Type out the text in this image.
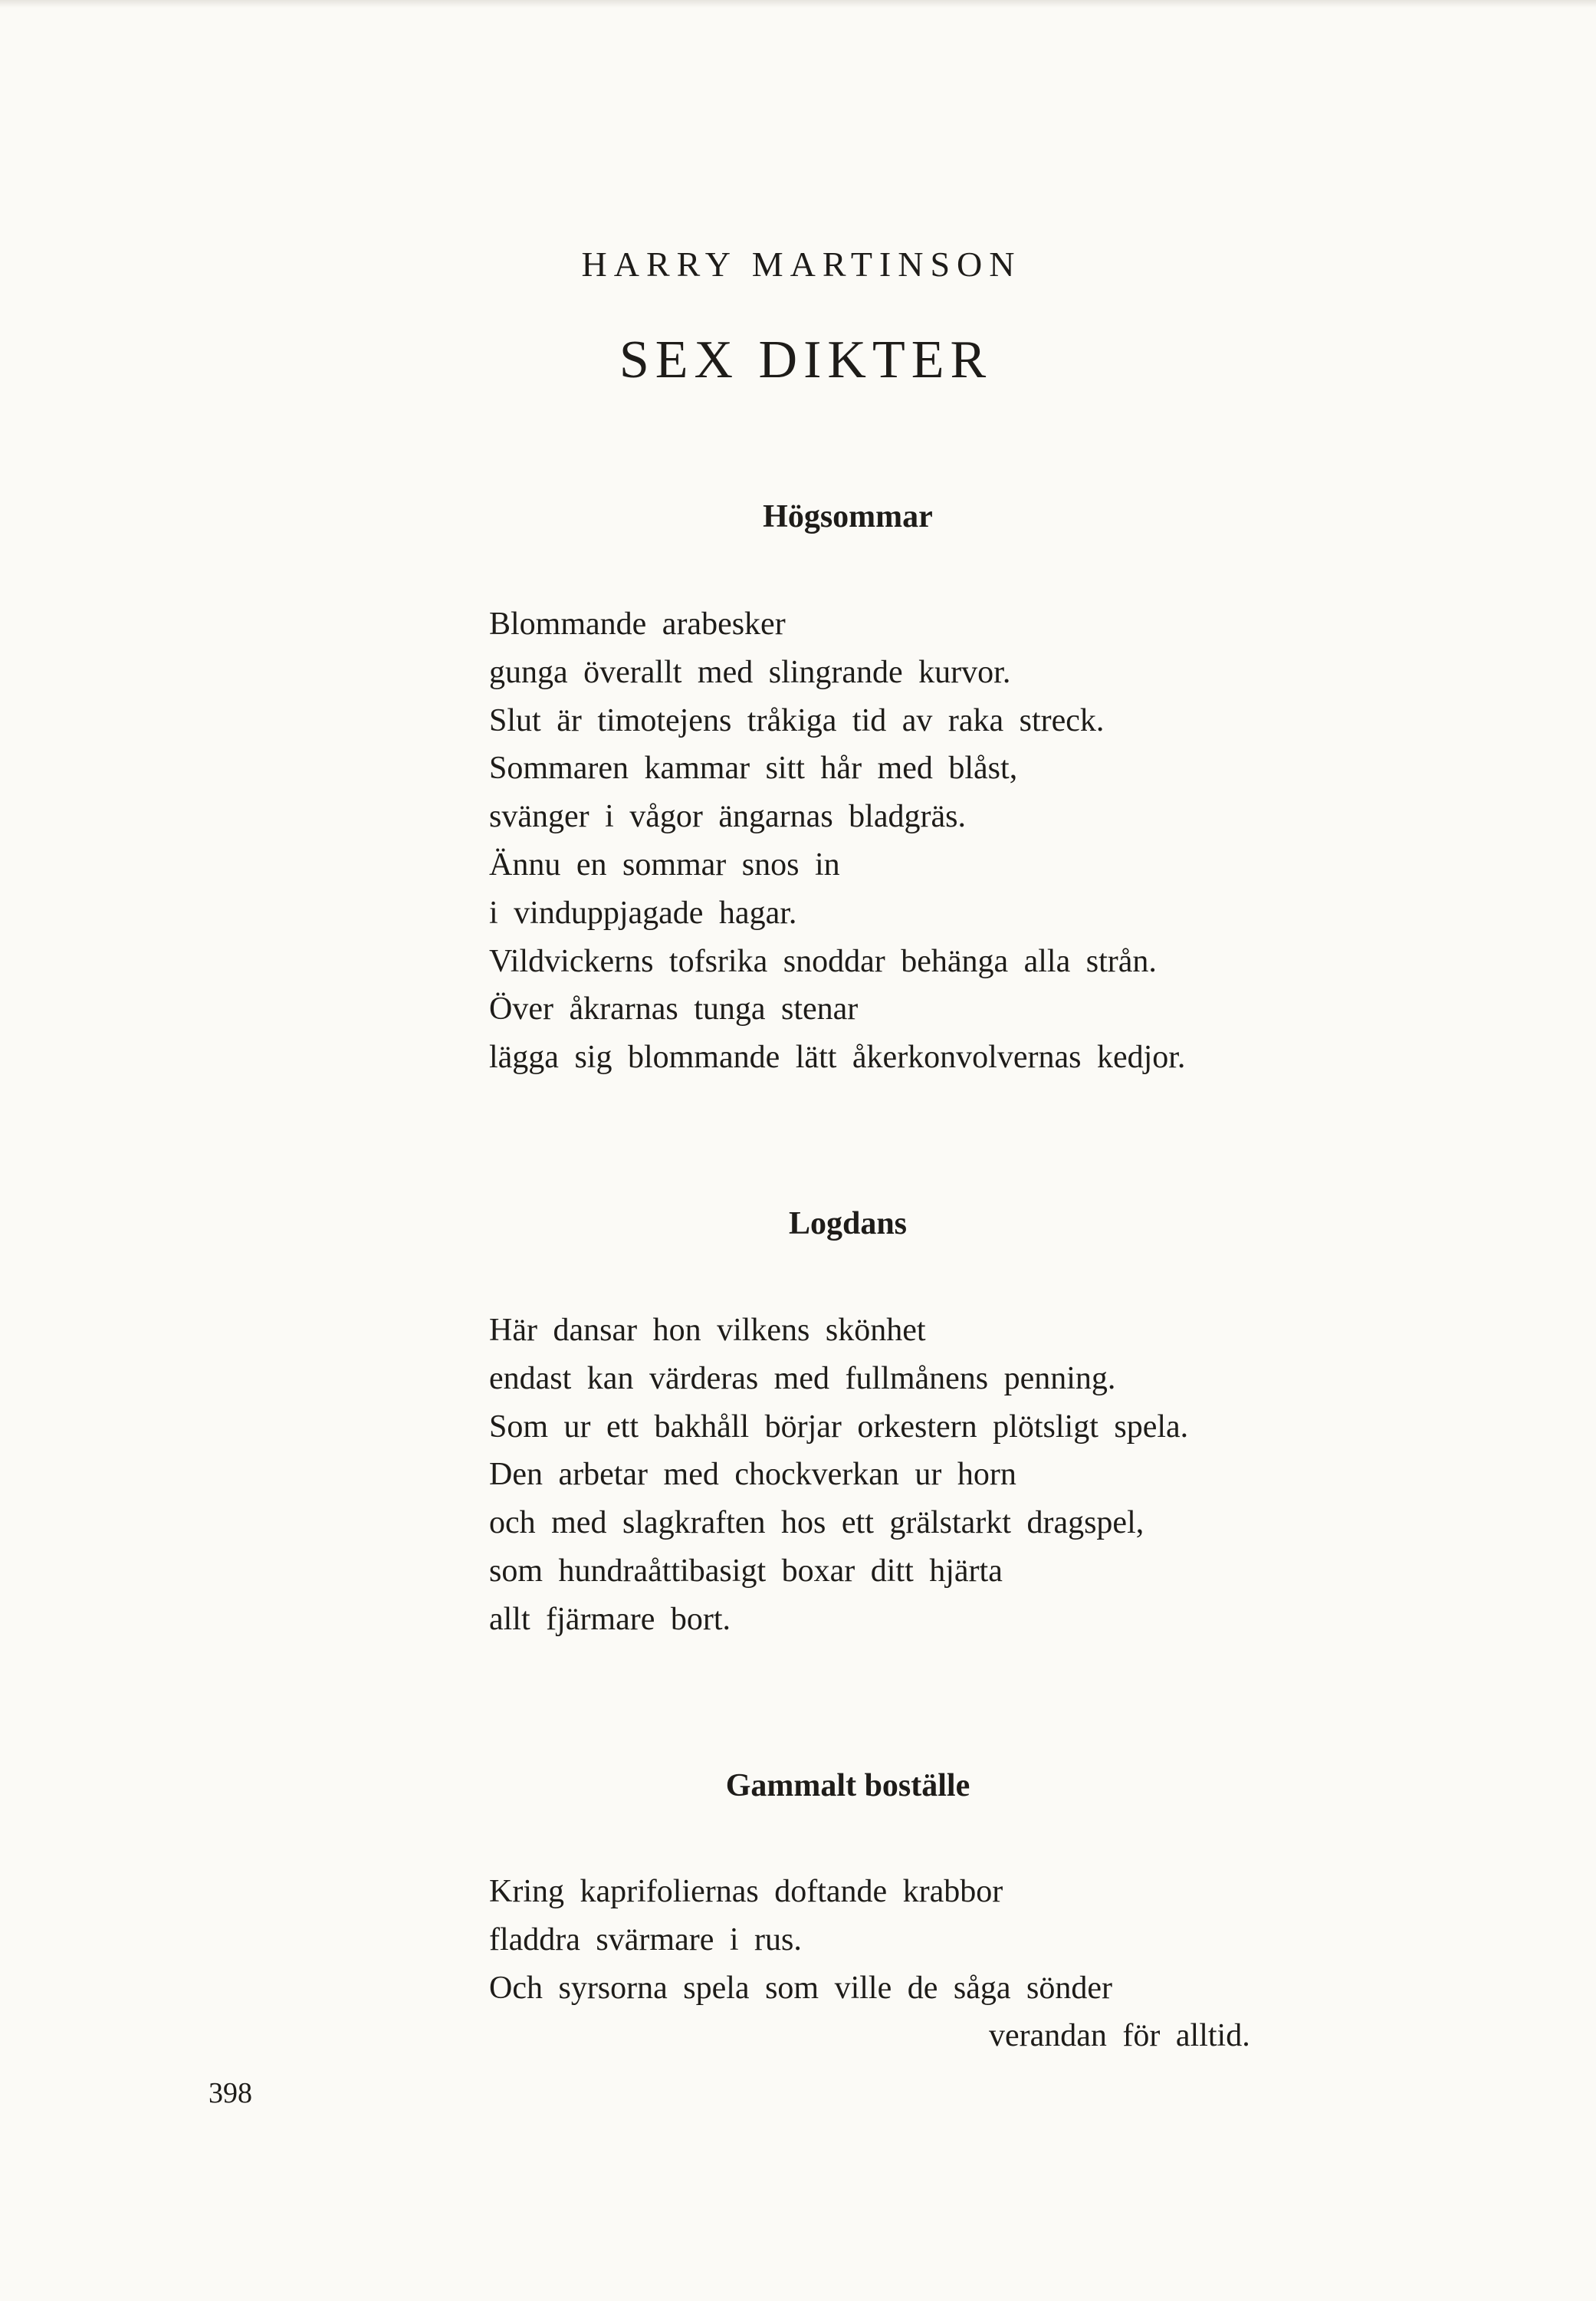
HARRY MARTINSON
SEX DIKTER
Högsommar
Blommande arabesker
gunga överallt med slingrande kurvor.
Slut är timotejens tråkiga tid av raka streck.
Sommaren kammar sitt hår med blåst,
svänger i vågor ängarnas bladgräs.
Ännu en sommar snos in
i vinduppjagade hagar.
Vildvickerns tofsrika snoddar behänga alla strån.
Över åkrarnas tunga stenar
lägga sig blommande lätt åkerkonvolvernas kedjor.
Logdans
Här dansar hon vilkens skönhet
endast kan värderas med fullmånens penning.
Som ur ett bakhåll börjar orkestern plötsligt spela.
Den arbetar med chockverkan ur horn
och med slagkraften hos ett grälstarkt dragspel,
som hundraåttibasigt boxar ditt hjärta
allt fjärmare bort.
Gammalt boställe
Kring kaprifoliernas doftande krabbor
fladdra svärmare i rus.
Och syrsorna spela som ville de såga sönder
verandan för alltid.
398
